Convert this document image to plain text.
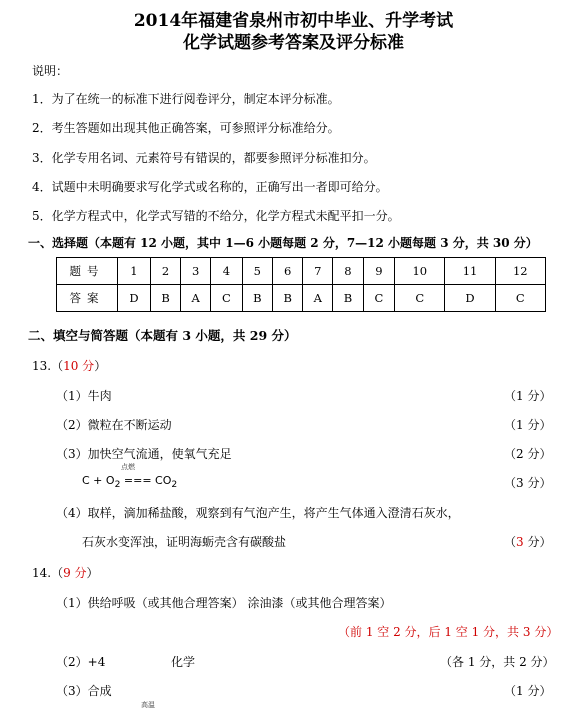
2014年福建省泉州市初中毕业、升学考试
化学试题参考答案及评分标准
说明：
1．为了在统一的标准下进行阅卷评分，制定本评分标准。
2．考生答题如出现其他正确答案，可参照评分标准给分。
3．化学专用名词、元素符号有错误的，都要参照评分标准扣分。
4．试题中未明确要求写化学式或名称的，正确写出一者即可给分。
5．化学方程式中，化学式写错的不给分，化学方程式未配平扣一分。
一、选择题（本题有 12 小题，其中 1—6 小题每题 2 分，7—12 小题每题 3 分，共 30 分）
题号	1	2	3	4	5	6	7	8	9	10	11	12
答案	D	B	A	C	B	B	A	B	C	C	D	C
二、填空与简答题（本题有 3 小题，共 29 分）
13.（10 分）
（1）牛肉	（1 分）
（2）微粒在不断运动	（1 分）
（3）加快空气流通，使氧气充足	（2 分）
点燃
$C + O_2$ === $CO_2$	（3 分）
（4）取样，滴加稀盐酸，观察到有气泡产生，将产生气体通入澄清石灰水，
石灰水变浑浊，证明海蛎壳含有碳酸盐	（3 分）
14.（9 分）
（1）供给呼吸（或其他合理答案） 涂油漆（或其他合理答案）
（前 1 空 2 分，后 1 空 1 分，共 3 分）
（2）+4	化学	（各 1 分，共 2 分）
（3）合成	（1 分）
高温
